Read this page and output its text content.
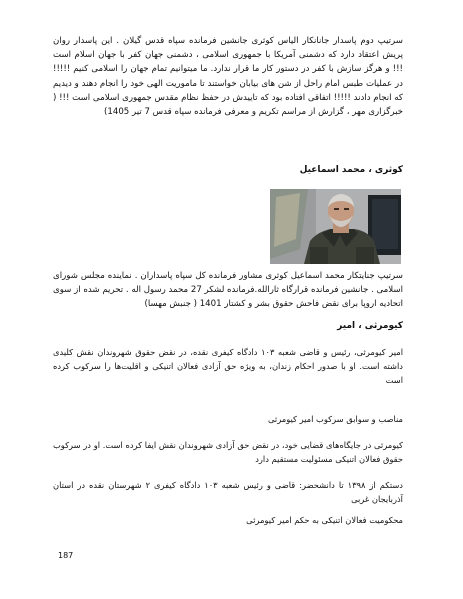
سرتیپ دوم پاسدار جانانکار الیاس کوثری جانشین فرمانده سپاه قدس گیلان . این پاسدار روان پریش اعتقاد دارد که دشمنی آمریکا با جمهوری اسلامی ، دشمنی جهان کفر با جهان اسلام است !!! و هرگز سازش با کفر در دستور کار ما قرار ندارد. ما میتوانیم تمام جهان را اسلامی کنیم !!!!! در عملیات طبس امام راحل از شن های بیابان خواستند تا ماموریت الهی خود را انجام دهند و دیدیم که انجام دادند !!!!! اتفاقی افتاده بود که تاییدش در حفظ نظام مقدس جمهوری اسلامی است !!! ( خبرگزاری مهر ، گزارش از مراسم تکریم و معرفی فرمانده سپاه قدس 7 تیر 1405)

کوثری ، محمد اسماعیل

سرتیپ جنایتکار محمد اسماعیل کوثری مشاور فرمانده کل سپاه پاسداران . نماینده مجلس شورای اسلامی . جانشین فرمانده قرارگاه ثارالله.فرمانده لشکر 27 محمد رسول اله . تحریم شده از سوی اتحادیه اروپا برای نقض فاحش حقوق بشر و کشتار 1401 ( جنبش مهسا)

کیومرثی ، امیر

امیر کیومرثی، رئیس و قاضی شعبه ۱۰۳ دادگاه کیفری نقده، در نقض حقوق شهروندان نقش کلیدی داشته است. او با صدور احکام زندان، به ویژه حق آزادی فعالان اتنیکی و اقلیت‌ها را سرکوب کرده است

مناصب و سوابق سرکوب امیر کیومرثی

کیومرثی در جایگاه‌های قضایی خود، در نقض حق آزادی شهروندان نقش ایفا کرده است. او در سرکوب حقوق فعالان اتنیکی مسئولیت مستقیم دارد

دستکم از ۱۳۹۸ تا دانشحضر: قاضی و رئیس شعبه ۱۰۳ دادگاه کیفری ۲ شهرستان نقده در استان آذربایجان غربی

محکومیت فعالان اتنیکی به حکم امیر کیومرثی

187
